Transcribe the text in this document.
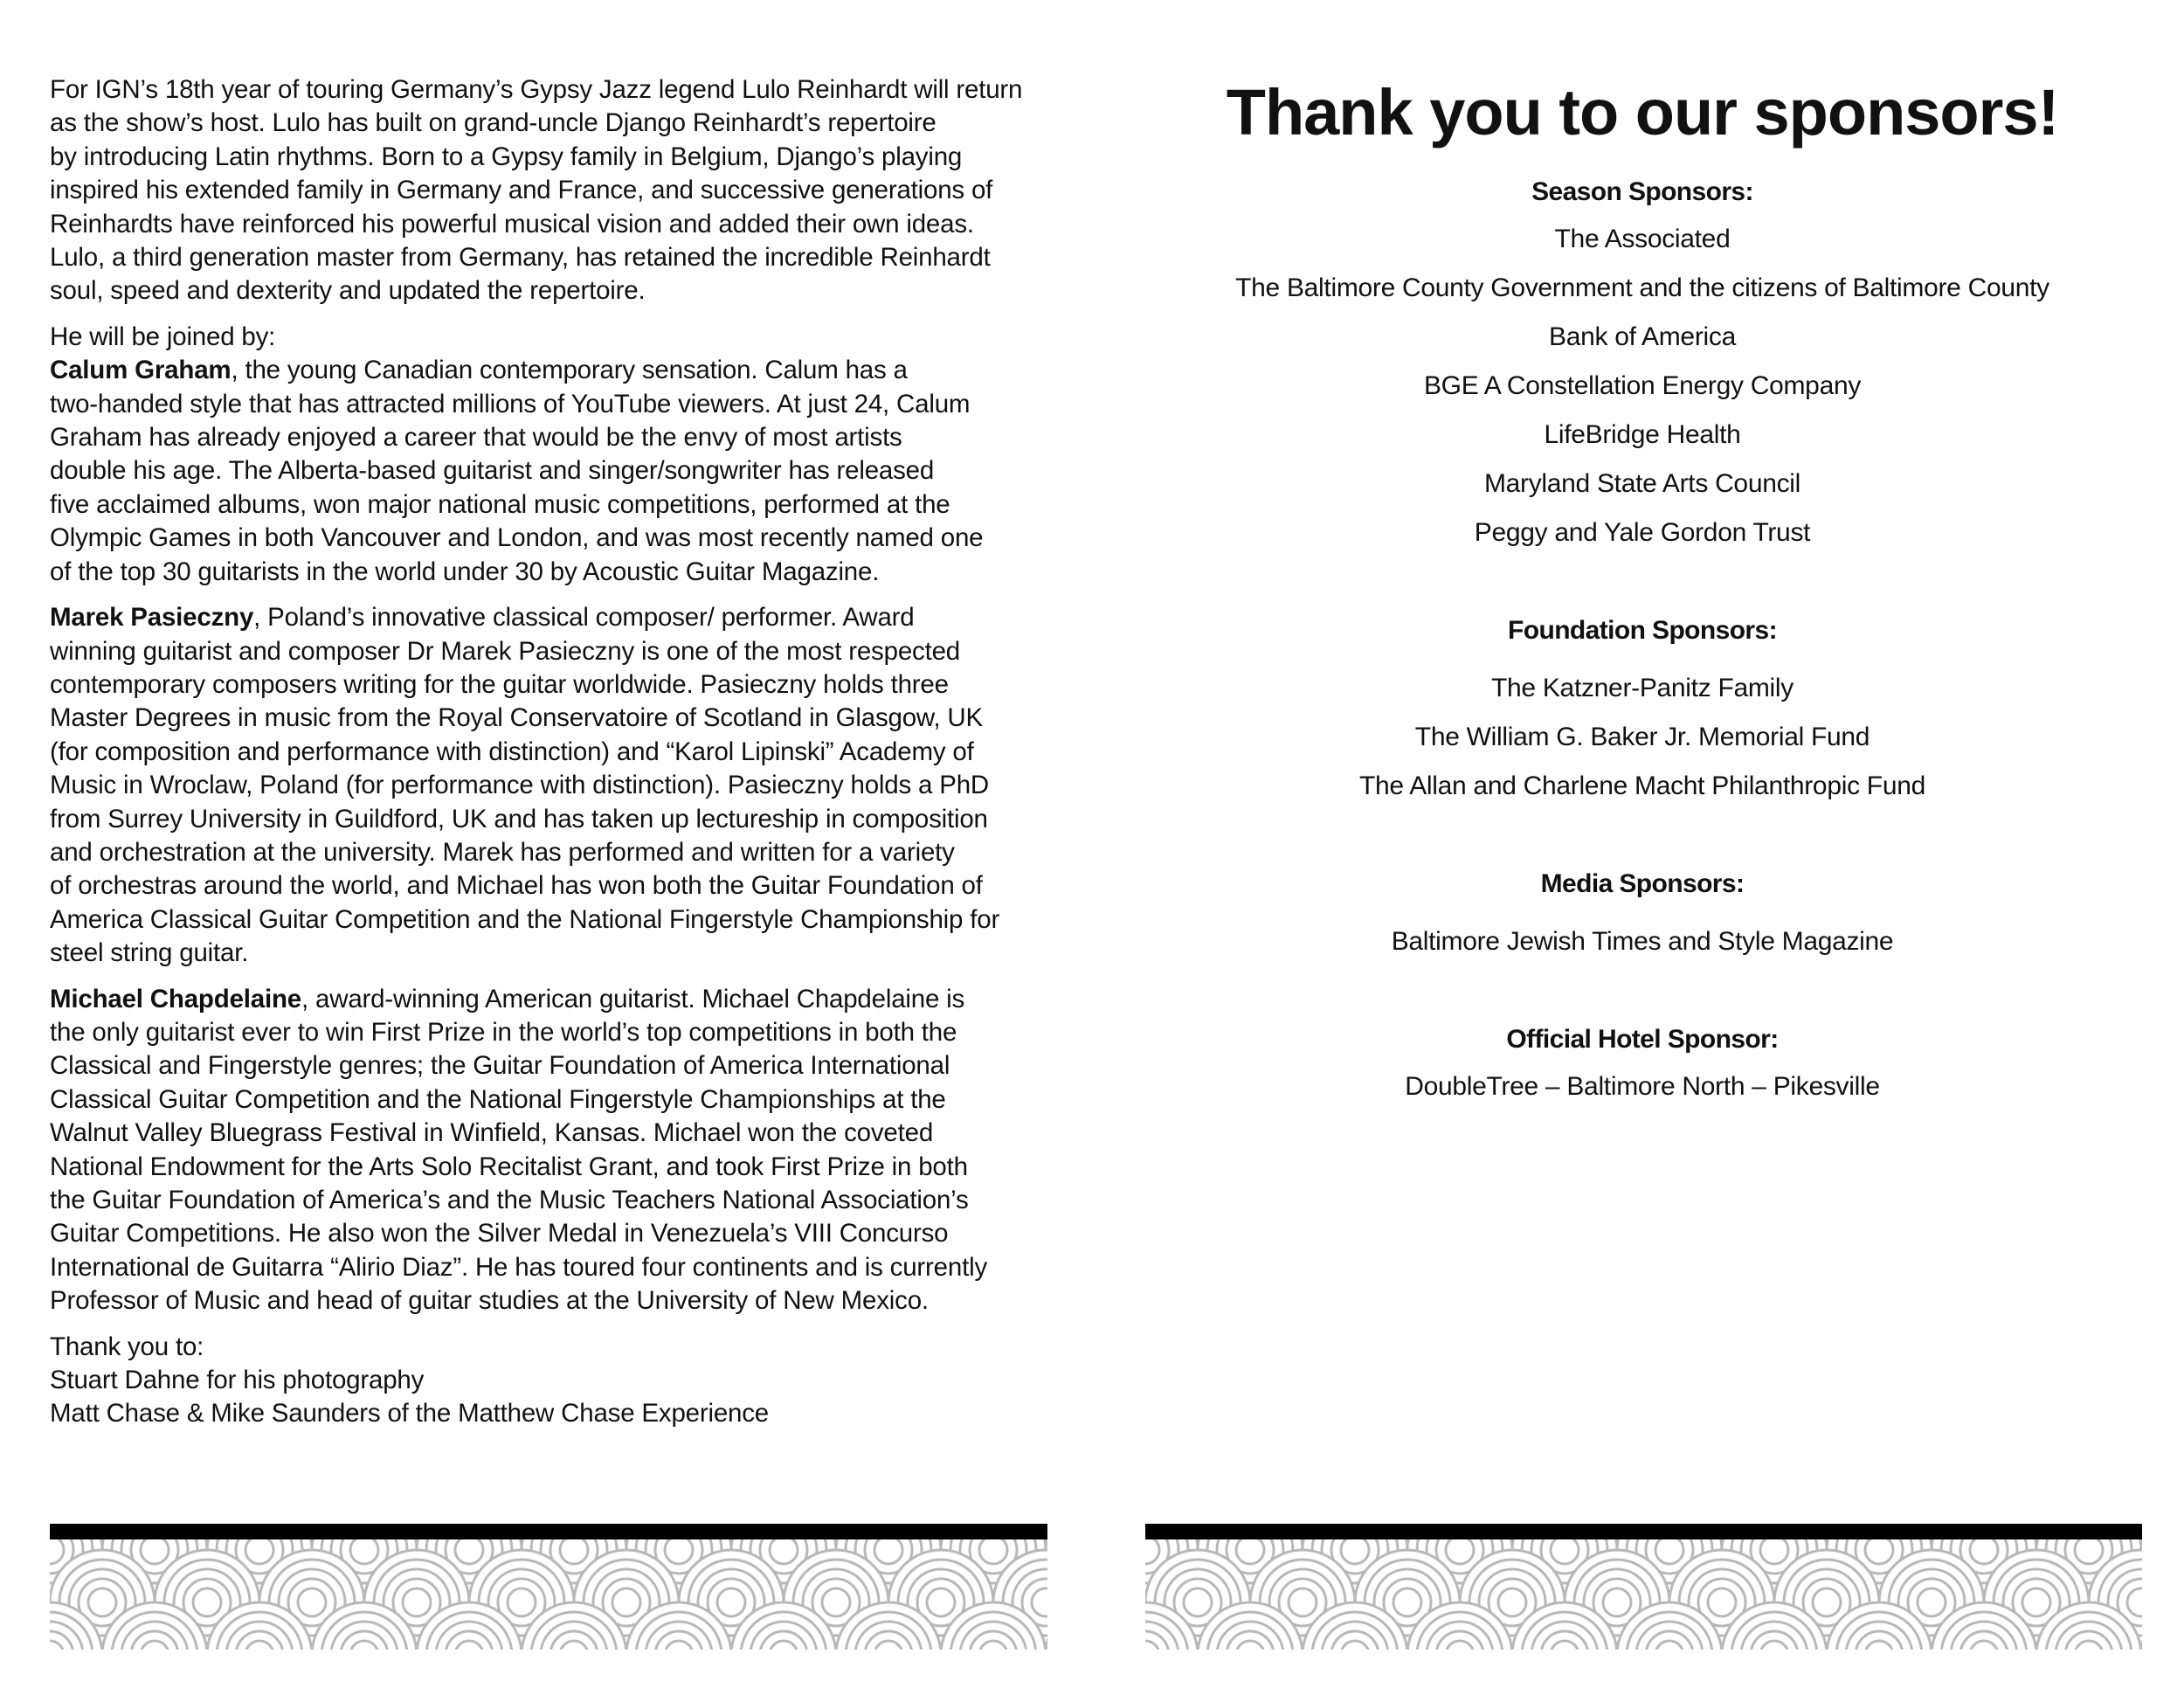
For IGN’s 18th year of touring Germany’s Gypsy Jazz legend Lulo Reinhardt will return
as the show’s host. Lulo has built on grand-uncle Django Reinhardt’s repertoire
by introducing Latin rhythms. Born to a Gypsy family in Belgium, Django’s playing
inspired his extended family in Germany and France, and successive generations of
Reinhardts have reinforced his powerful musical vision and added their own ideas.
Lulo, a third generation master from Germany, has retained the incredible Reinhardt
soul, speed and dexterity and updated the repertoire.

He will be joined by:

Calum Graham, the young Canadian contemporary sensation. Calum has a
two-handed style that has attracted millions of YouTube viewers. At just 24, Calum
Graham has already enjoyed a career that would be the envy of most artists
double his age. The Alberta-based guitarist and singer/songwriter has released
five acclaimed albums, won major national music competitions, performed at the
Olympic Games in both Vancouver and London, and was most recently named one
of the top 30 guitarists in the world under 30 by Acoustic Guitar Magazine.

Marek Pasieczny, Poland’s innovative classical composer/ performer. Award
winning guitarist and composer Dr Marek Pasieczny is one of the most respected
contemporary composers writing for the guitar worldwide. Pasieczny holds three
Master Degrees in music from the Royal Conservatoire of Scotland in Glasgow, UK
(for composition and performance with distinction) and “Karol Lipinski” Academy of
Music in Wroclaw, Poland (for performance with distinction). Pasieczny holds a PhD
from Surrey University in Guildford, UK and has taken up lectureship in composition
and orchestration at the university. Marek has performed and written for a variety
of orchestras around the world, and Michael has won both the Guitar Foundation of
America Classical Guitar Competition and the National Fingerstyle Championship for
steel string guitar.

Michael Chapdelaine, award-winning American guitarist. Michael Chapdelaine is
the only guitarist ever to win First Prize in the world’s top competitions in both the
Classical and Fingerstyle genres; the Guitar Foundation of America International
Classical Guitar Competition and the National Fingerstyle Championships at the
Walnut Valley Bluegrass Festival in Winfield, Kansas. Michael won the coveted
National Endowment for the Arts Solo Recitalist Grant, and took First Prize in both
the Guitar Foundation of America’s and the Music Teachers National Association’s
Guitar Competitions. He also won the Silver Medal in Venezuela’s VIII Concurso
International de Guitarra “Alirio Diaz”. He has toured four continents and is currently
Professor of Music and head of guitar studies at the University of New Mexico.

Thank you to:

Stuart Dahne for his photography

Matt Chase & Mike Saunders of the Matthew Chase Experience

Thank you to our sponsors!
Season Sponsors:

The Associated

The Baltimore County Government and the citizens of Baltimore County

Bank of America

BGE A Constellation Energy Company

LifeBridge Health

Maryland State Arts Council

Peggy and Yale Gordon Trust

Foundation Sponsors:

The Katzner-Panitz Family

The William G. Baker Jr. Memorial Fund

The Allan and Charlene Macht Philanthropic Fund

Media Sponsors:

Baltimore Jewish Times and Style Magazine

Official Hotel Sponsor:

DoubleTree – Baltimore North – Pikesville
